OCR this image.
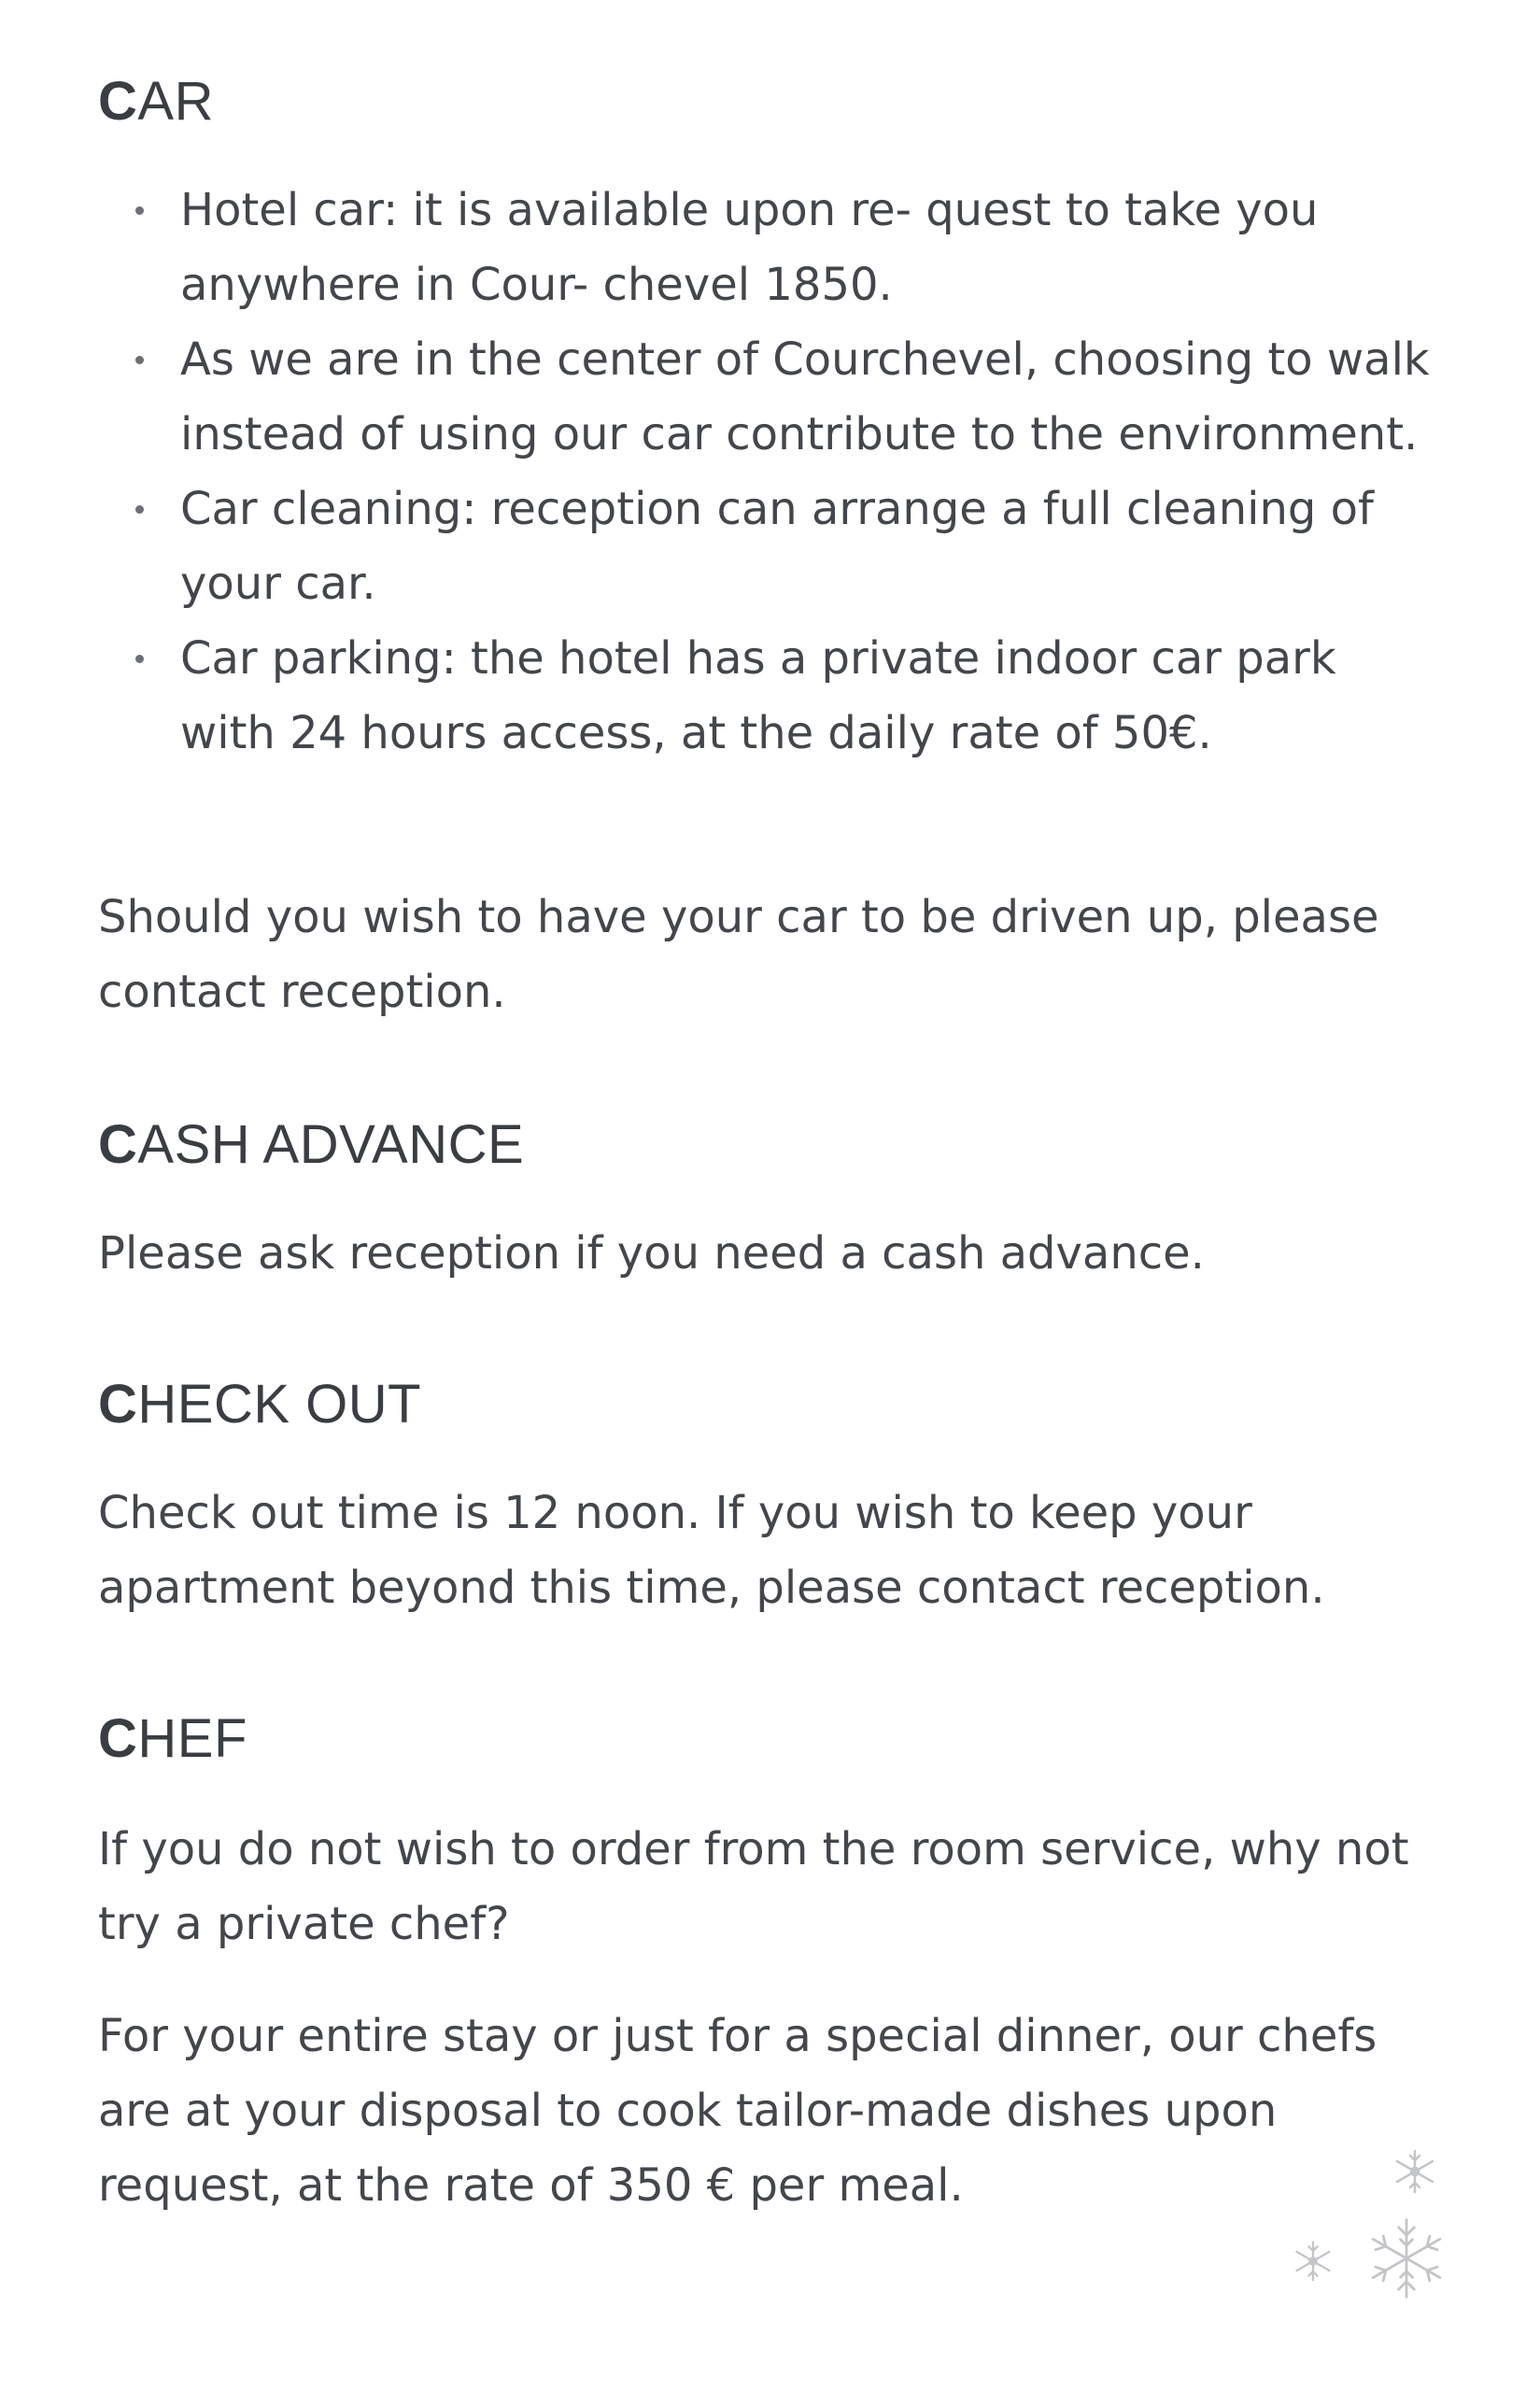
CAR
Hotel car: it is available upon re- quest to take you anywhere in Cour- chevel 1850.
As we are in the center of Courchevel, choosing to walk instead of using our car contribute to the environment.
Car cleaning: reception can arrange a full cleaning of your car.
Car parking: the hotel has a private indoor car park with 24 hours access, at the daily rate of 50€.

Should you wish to have your car to be driven up, please contact reception.

CASH ADVANCE

Please ask reception if you need a cash advance.

CHECK OUT

Check out time is 12 noon. If you wish to keep your apartment beyond this time, please contact reception.

CHEF

If you do not wish to order from the room service, why not try a private chef?

For your entire stay or just for a special dinner, our chefs are at your disposal to cook tailor-made dishes upon request, at the rate of 350 € per meal.
